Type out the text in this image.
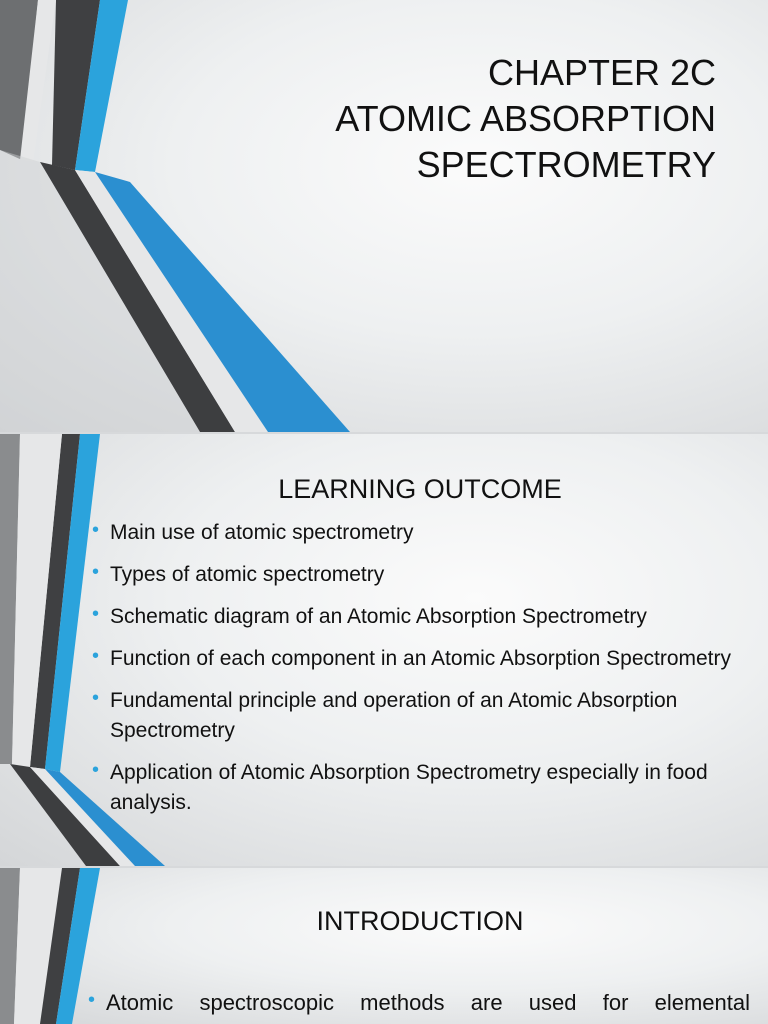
CHAPTER 2C
ATOMIC ABSORPTION
SPECTROMETRY
LEARNING OUTCOME
• Main use of atomic spectrometry
• Types of atomic spectrometry
• Schematic diagram of an Atomic Absorption Spectrometry
• Function of each component in an Atomic Absorption Spectrometry
• Fundamental principle and operation of an Atomic Absorption Spectrometry
• Application of Atomic Absorption Spectrometry especially in food analysis.
INTRODUCTION
• Atomic spectroscopic methods are used for elemental
